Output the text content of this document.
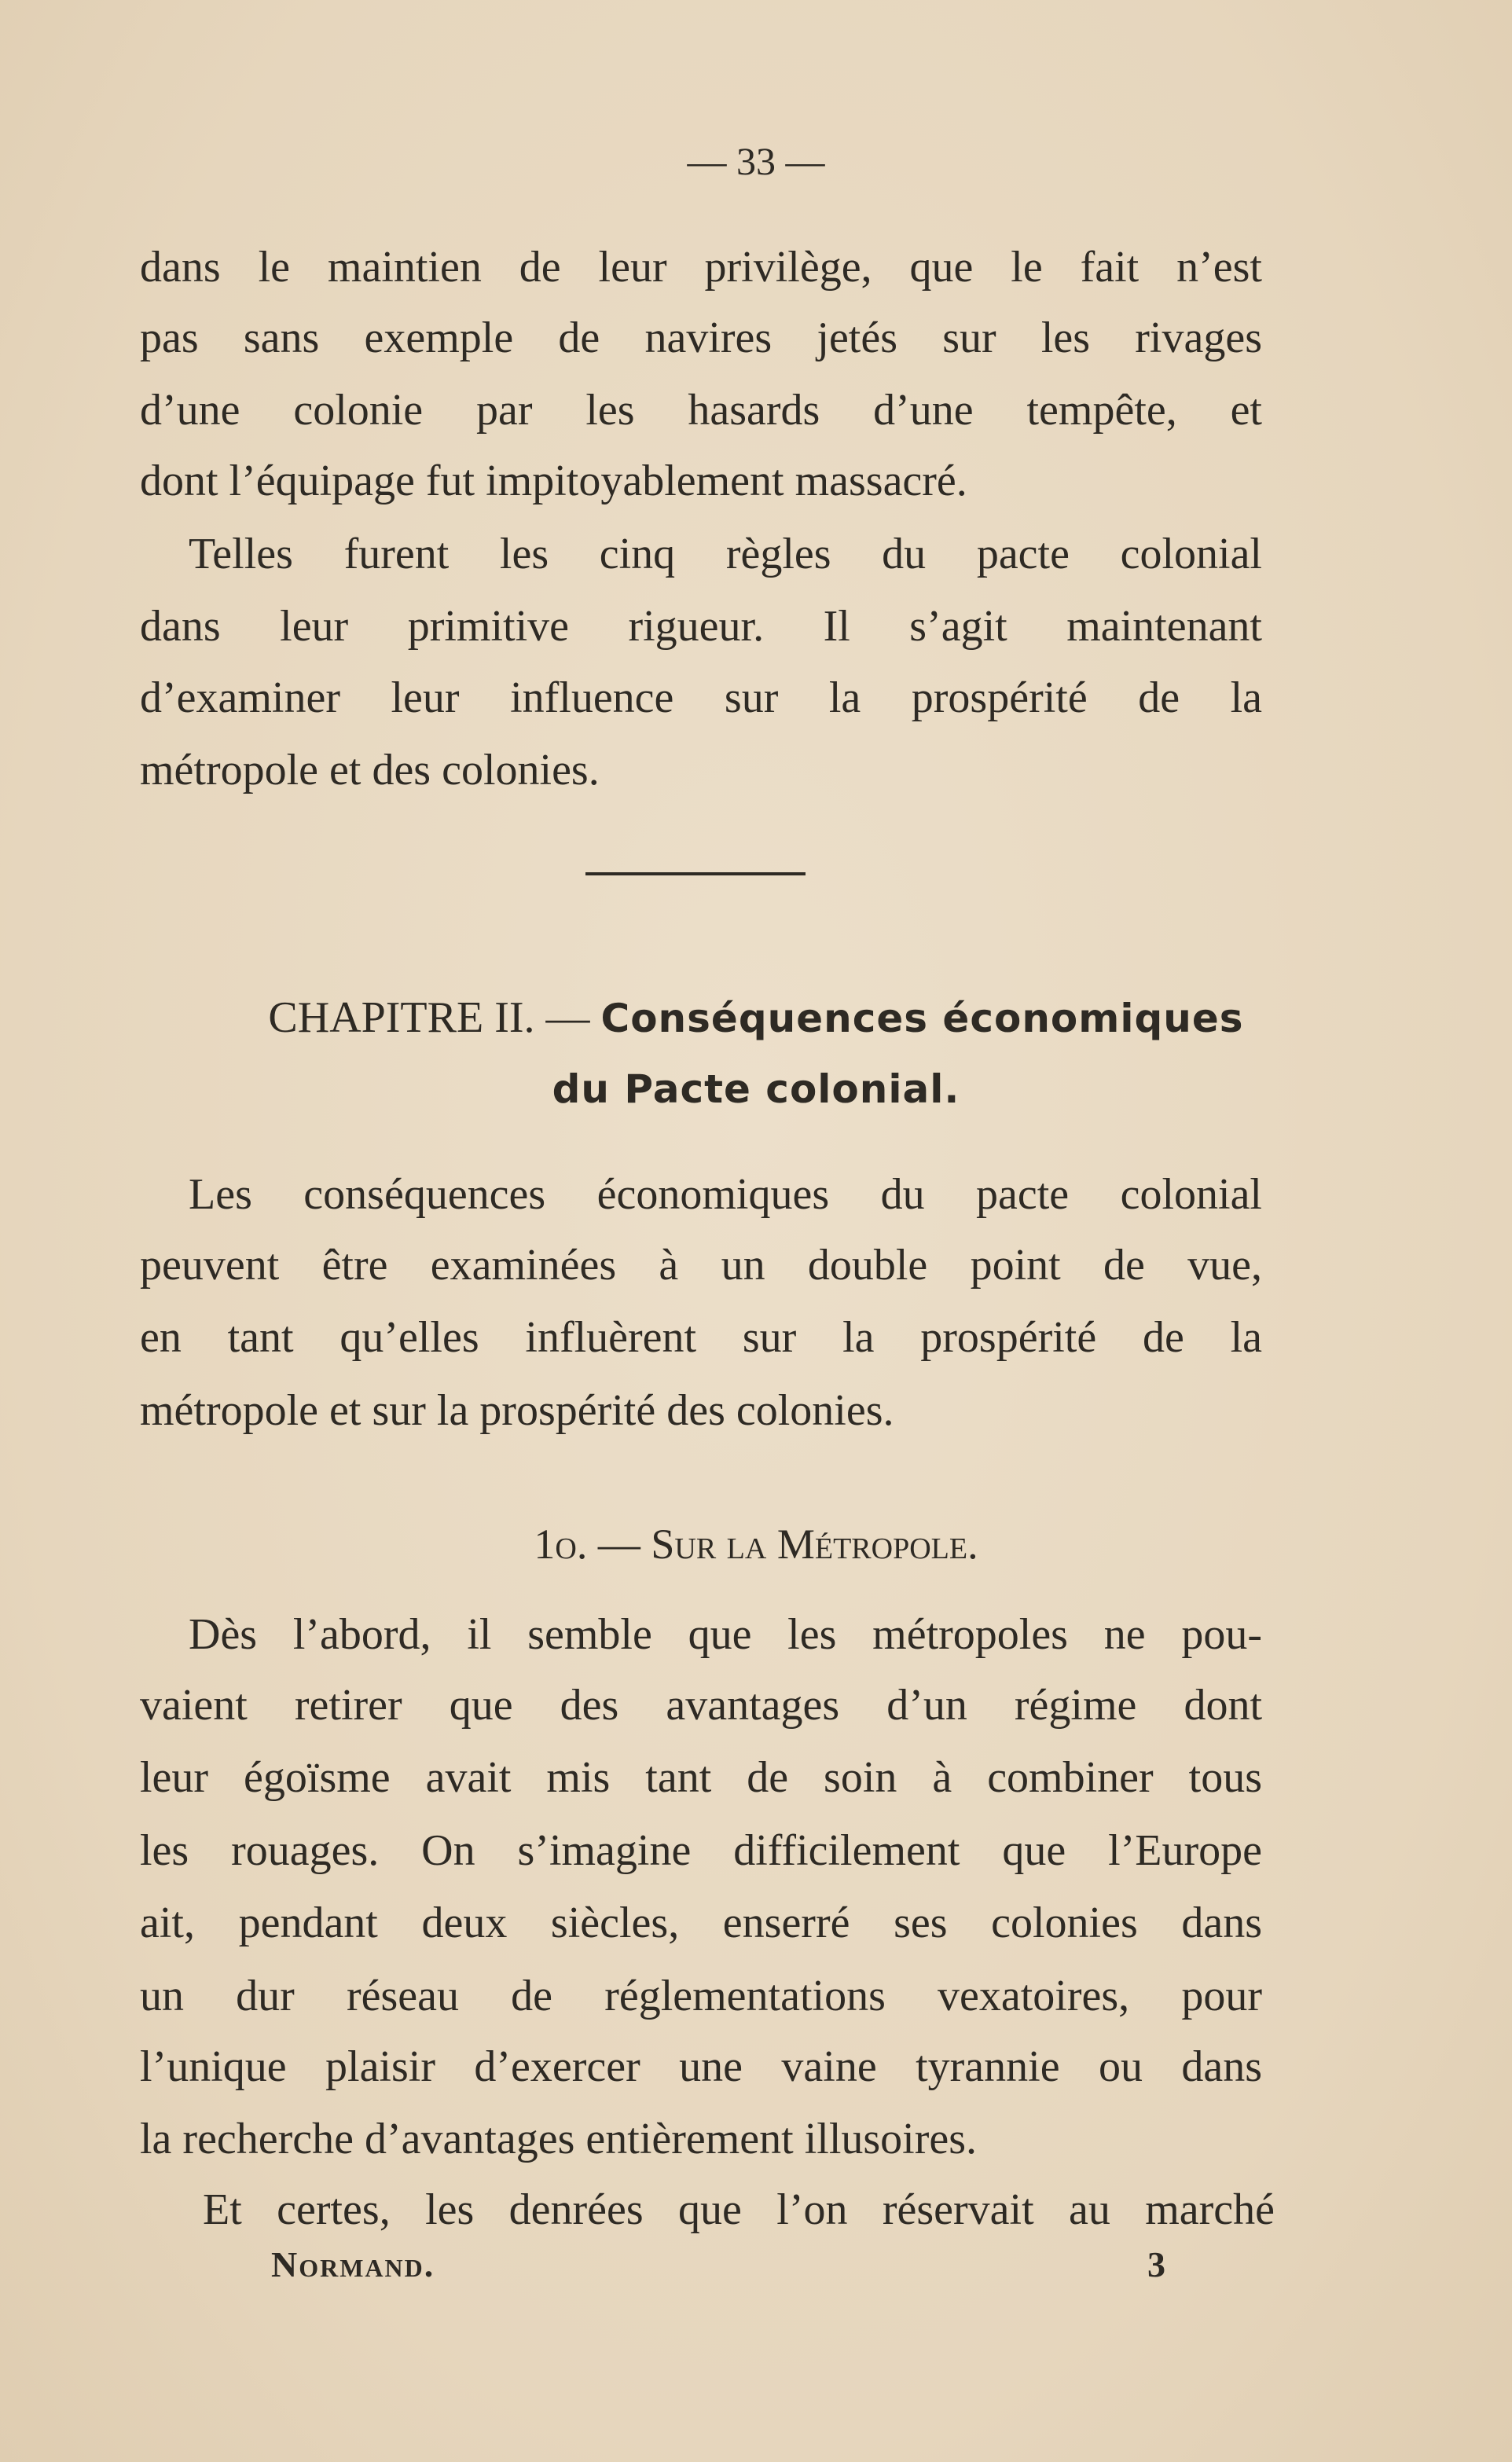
— 33 —
dans le maintien de leur privilège, que le fait n’est
pas sans exemple de navires jetés sur les rivages
d’une colonie par les hasards d’une tempête, et
dont l’équipage fut impitoyablement massacré.
Telles furent les cinq règles du pacte colonial
dans leur primitive rigueur. Il s’agit maintenant
d’examiner leur influence sur la prospérité de la
métropole et des colonies.
CHAPITRE II. — Conséquences économiques
du Pacte colonial.
Les conséquences économiques du pacte colonial
peuvent être examinées à un double point de vue,
en tant qu’elles influèrent sur la prospérité de la
métropole et sur la prospérité des colonies.
1o. — Sur la Métropole.
Dès l’abord, il semble que les métropoles ne pou-
vaient retirer que des avantages d’un régime dont
leur égoïsme avait mis tant de soin à combiner tous
les rouages. On s’imagine difficilement que l’Europe
ait, pendant deux siècles, enserré ses colonies dans
un dur réseau de réglementations vexatoires, pour
l’unique plaisir d’exercer une vaine tyrannie ou dans
la recherche d’avantages entièrement illusoires.
Et certes, les denrées que l’on réservait au marché
Normand.	3
